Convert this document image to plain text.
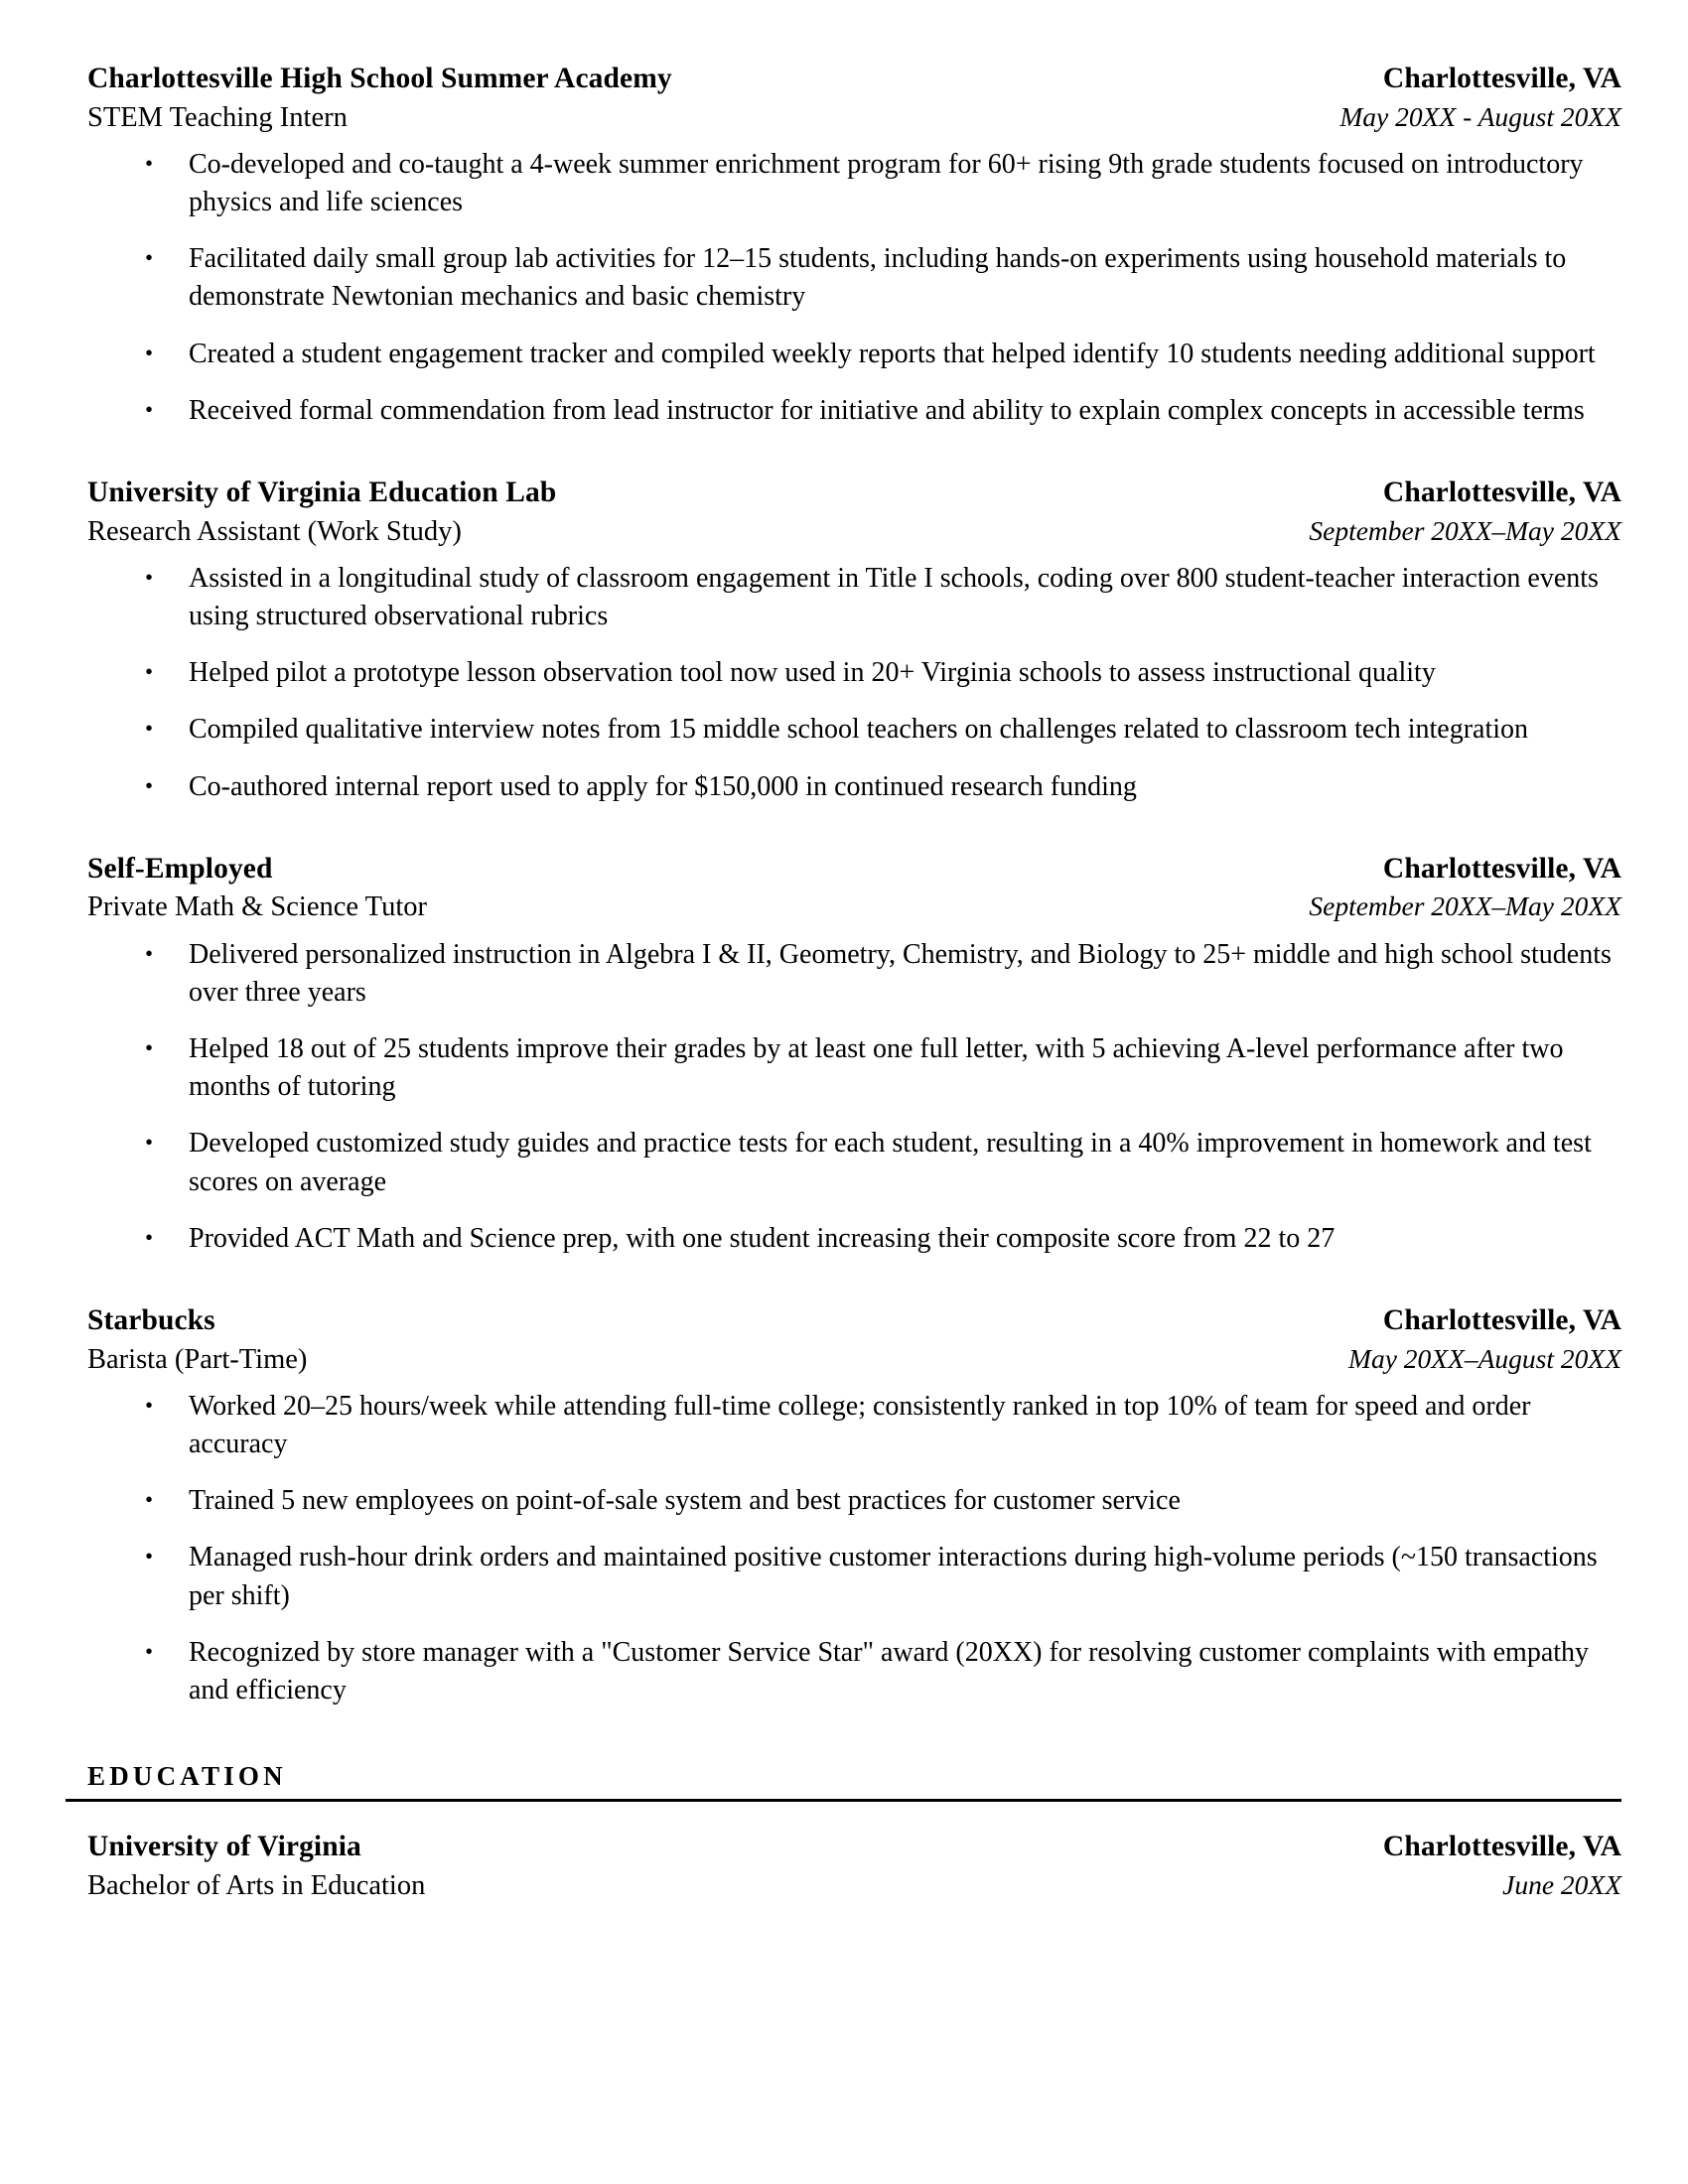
Charlottesville High School Summer Academy	Charlottesville, VA
STEM Teaching Intern	May 20XX - August 20XX
• Co-developed and co-taught a 4-week summer enrichment program for 60+ rising 9th grade students focused on introductory physics and life sciences
• Facilitated daily small group lab activities for 12–15 students, including hands-on experiments using household materials to demonstrate Newtonian mechanics and basic chemistry
• Created a student engagement tracker and compiled weekly reports that helped identify 10 students needing additional support
• Received formal commendation from lead instructor for initiative and ability to explain complex concepts in accessible terms
University of Virginia Education Lab	Charlottesville, VA
Research Assistant (Work Study)	September 20XX–May 20XX
• Assisted in a longitudinal study of classroom engagement in Title I schools, coding over 800 student-teacher interaction events using structured observational rubrics
• Helped pilot a prototype lesson observation tool now used in 20+ Virginia schools to assess instructional quality
• Compiled qualitative interview notes from 15 middle school teachers on challenges related to classroom tech integration
• Co-authored internal report used to apply for $150,000 in continued research funding
Self-Employed	Charlottesville, VA
Private Math & Science Tutor	September 20XX–May 20XX
• Delivered personalized instruction in Algebra I & II, Geometry, Chemistry, and Biology to 25+ middle and high school students over three years
• Helped 18 out of 25 students improve their grades by at least one full letter, with 5 achieving A-level performance after two months of tutoring
• Developed customized study guides and practice tests for each student, resulting in a 40% improvement in homework and test scores on average
• Provided ACT Math and Science prep, with one student increasing their composite score from 22 to 27
Starbucks	Charlottesville, VA
Barista (Part-Time)	May 20XX–August 20XX
• Worked 20–25 hours/week while attending full-time college; consistently ranked in top 10% of team for speed and order accuracy
• Trained 5 new employees on point-of-sale system and best practices for customer service
• Managed rush-hour drink orders and maintained positive customer interactions during high-volume periods (~150 transactions per shift)
• Recognized by store manager with a "Customer Service Star" award (20XX) for resolving customer complaints with empathy and efficiency
EDUCATION
University of Virginia	Charlottesville, VA
Bachelor of Arts in Education	June 20XX
